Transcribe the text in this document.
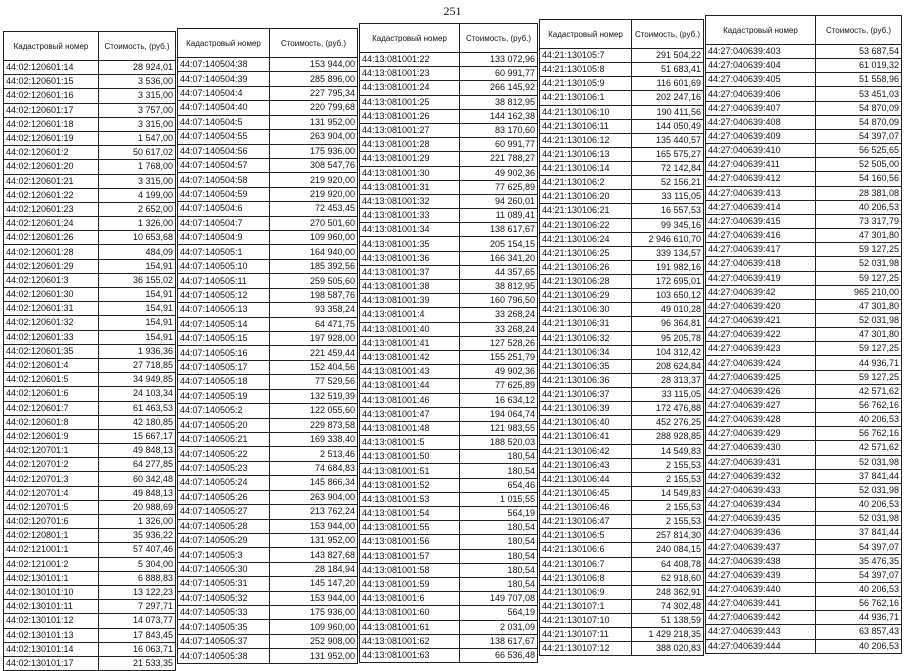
251
Кадастровый номер	Стоимость, (руб.)
44:02:120601:14	28 924,01
44:02:120601:15	3 536,00
44:02:120601:16	3 315,00
44:02:120601:17	3 757,00
44:02:120601:18	3 315,00
44:02:120601:19	1 547,00
44:02:120601:2	50 617,02
44:02:120601:20	1 768,00
44:02:120601:21	3 315,00
44:02:120601:22	4 199,00
44:02:120601:23	2 652,00
44:02:120601:24	1 326,00
44:02:120601:26	10 653,68
44:02:120601:28	484,09
44:02:120601:29	154,91
44:02:120601:3	36 155,02
44:02:120601:30	154,91
44:02:120601:31	154,91
44:02:120601:32	154,91
44:02:120601:33	154,91
44:02:120601:35	1 936,36
44:02:120601:4	27 718,85
44:02:120601:5	34 949,85
44:02:120601:6	24 103,34
44:02:120601:7	61 463,53
44:02:120601:8	42 180,85
44:02:120601:9	15 667,17
44:02:120701:1	49 848,13
44:02:120701:2	64 277,85
44:02:120701:3	60 342,48
44:02:120701:4	49 848,13
44:02:120701:5	20 988,69
44:02:120701:6	1 326,00
44:02:120801:1	35 936,22
44:02:121001:1	57 407,46
44:02:121001:2	5 304,00
44:02:130101:1	6 888,83
44:02:130101:10	13 122,23
44:02:130101:11	7 297,71
44:02:130101:12	14 073,77
44:02:130101:13	17 843,45
44:02:130101:14	16 063,71
44:02:130101:17	21 533,35
Кадастровый номер	Стоимость, (руб.)
44:07:140504:38	153 944,00
44:07:140504:39	285 896,00
44:07:140504:4	227 795,34
44:07:140504:40	220 799,68
44:07:140504:5	131 952,00
44:07:140504:55	263 904,00
44:07:140504:56	175 936,00
44:07:140504:57	308 547,76
44:07:140504:58	219 920,00
44:07:140504:59	219 920,00
44:07:140504:6	72 453,45
44:07:140504:7	270 501,60
44:07:140504:9	109 960,00
44:07:140505:1	164 940,00
44:07:140505:10	185 392,56
44:07:140505:11	259 505,60
44:07:140505:12	198 587,76
44:07:140505:13	93 358,24
44:07:140505:14	64 471,75
44:07:140505:15	197 928,00
44:07:140505:16	221 459,44
44:07:140505:17	152 404,56
44:07:140505:18	77 529,56
44:07:140505:19	132 519,39
44:07:140505:2	122 055,60
44:07:140505:20	229 873,58
44:07:140505:21	169 338,40
44:07:140505:22	2 513,46
44:07:140505:23	74 684,83
44:07:140505:24	145 866,34
44:07:140505:26	263 904,00
44:07:140505:27	213 762,24
44:07:140505:28	153 944,00
44:07:140505:29	131 952,00
44:07:140505:3	143 827,68
44:07:140505:30	28 184,94
44:07:140505:31	145 147,20
44:07:140505:32	153 944,00
44:07:140505:33	175 936,00
44:07:140505:35	109 960,00
44:07:140505:37	252 908,00
44:07:140505:38	131 952,00
Кадастровый номер	Стоимость, (руб.)
44:13:081001:22	133 072,96
44:13:081001:23	60 991,77
44:13:081001:24	266 145,92
44:13:081001:25	38 812,95
44:13:081001:26	144 162,38
44:13:081001:27	83 170,60
44:13:081001:28	60 991,77
44:13:081001:29	221 788,27
44:13:081001:30	49 902,36
44:13:081001:31	77 625,89
44:13:081001:32	94 260,01
44:13:081001:33	11 089,41
44:13:081001:34	138 617,67
44:13:081001:35	205 154,15
44:13:081001:36	166 341,20
44:13:081001:37	44 357,65
44:13:081001:38	38 812,95
44:13:081001:39	160 796,50
44:13:081001:4	33 268,24
44:13:081001:40	33 268,24
44:13:081001:41	127 528,26
44:13:081001:42	155 251,79
44:13:081001:43	49 902,36
44:13:081001:44	77 625,89
44:13:081001:46	16 634,12
44:13:081001:47	194 064,74
44:13:081001:48	121 983,55
44:13:081001:5	188 520,03
44:13:081001:50	180,54
44:13:081001:51	180,54
44:13:081001:52	654,46
44:13:081001:53	1 015,55
44:13:081001:54	564,19
44:13:081001:55	180,54
44:13:081001:56	180,54
44:13:081001:57	180,54
44:13:081001:58	180,54
44:13:081001:59	180,54
44:13:081001:6	149 707,08
44:13:081001:60	564,19
44:13:081001:61	2 031,09
44:13:081001:62	138 617,67
44:13:081001:63	66 536,48
Кадастровый номер	Стоимость, (руб.)
44:21:130105:7	291 504,22
44:21:130105:8	51 683,41
44:21:130105:9	116 601,69
44:21:130106:1	202 247,16
44:21:130106:10	190 411,56
44:21:130106:11	144 050,49
44:21:130106:12	135 440,57
44:21:130106:13	165 575,27
44:21:130106:14	72 142,84
44:21:130106:2	52 156,21
44:21:130106:20	33 115,05
44:21:130106:21	16 557,53
44:21:130106:22	99 345,16
44:21:130106:24	2 946 610,70
44:21:130106:25	339 134,57
44:21:130106:26	191 982,16
44:21:130106:28	172 695,01
44:21:130106:29	103 650,12
44:21:130106:30	49 010,28
44:21:130106:31	96 364,81
44:21:130106:32	95 205,78
44:21:130106:34	104 312,42
44:21:130106:35	208 624,84
44:21:130106:36	28 313,37
44:21:130106:37	33 115,05
44:21:130106:39	172 476,88
44:21:130106:40	452 276,25
44:21:130106:41	288 928,85
44:21:130106:42	14 549,83
44:21:130106:43	2 155,53
44:21:130106:44	2 155,53
44:21:130106:45	14 549,83
44:21:130106:46	2 155,53
44:21:130106:47	2 155,53
44:21:130106:5	257 814,30
44:21:130106:6	240 084,15
44:21:130106:7	64 408,78
44:21:130106:8	62 918,60
44:21:130106:9	248 362,91
44:21:130107:1	74 302,48
44:21:130107:10	51 138,59
44:21:130107:11	1 429 218,35
44:21:130107:12	388 020,83
Кадастровый номер	Стоимость, (руб.)
44:27:040639:403	53 687,54
44:27:040639:404	61 019,32
44:27:040639:405	51 558,96
44:27:040639:406	53 451,03
44:27:040639:407	54 870,09
44:27:040639:408	54 870,09
44:27:040639:409	54 397,07
44:27:040639:410	56 525,65
44:27:040639:411	52 505,00
44:27:040639:412	54 160,56
44:27:040639:413	28 381,08
44:27:040639:414	40 206,53
44:27:040639:415	73 317,79
44:27:040639:416	47 301,80
44:27:040639:417	59 127,25
44:27:040639:418	52 031,98
44:27:040639:419	59 127,25
44:27:040639:42	965 210,00
44:27:040639:420	47 301,80
44:27:040639:421	52 031,98
44:27:040639:422	47 301,80
44:27:040639:423	59 127,25
44:27:040639:424	44 936,71
44:27:040639:425	59 127,25
44:27:040639:426	42 571,62
44:27:040639:427	56 762,16
44:27:040639:428	40 206,53
44:27:040639:429	56 762,16
44:27:040639:430	42 571,62
44:27:040639:431	52 031,98
44:27:040639:432	37 841,44
44:27:040639:433	52 031,98
44:27:040639:434	40 206,53
44:27:040639:435	52 031,98
44:27:040639:436	37 841,44
44:27:040639:437	54 397,07
44:27:040639:438	35 476,35
44:27:040639:439	54 397,07
44:27:040639:440	40 206,53
44:27:040639:441	56 762,16
44:27:040639:442	44 936,71
44:27:040639:443	63 857,43
44:27:040639:444	40 206,53
